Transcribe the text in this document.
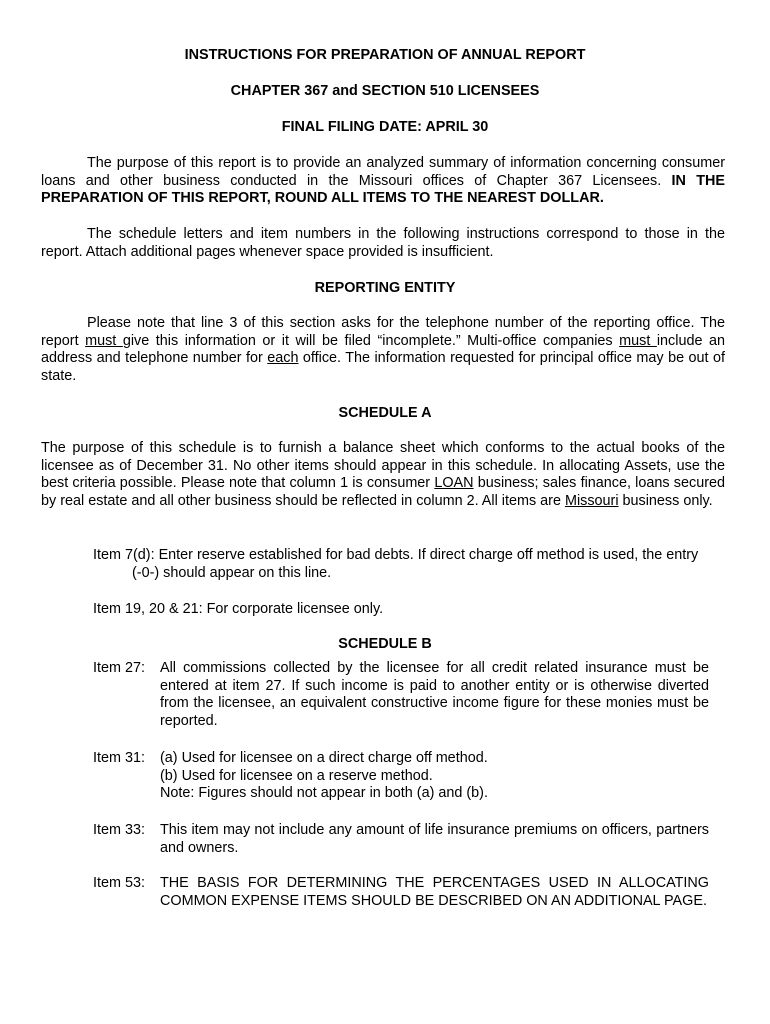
INSTRUCTIONS FOR PREPARATION OF ANNUAL REPORT

CHAPTER 367 and SECTION 510 LICENSEES

FINAL FILING DATE: APRIL 30

The purpose of this report is to provide an analyzed summary of information concerning consumer loans and other business conducted in the Missouri offices of Chapter 367 Licensees. IN THE PREPARATION OF THIS REPORT, ROUND ALL ITEMS TO THE NEAREST DOLLAR.

The schedule letters and item numbers in the following instructions correspond to those in the report. Attach additional pages whenever space provided is insufficient.

REPORTING ENTITY

Please note that line 3 of this section asks for the telephone number of the reporting office. The report must give this information or it will be filed “incomplete.” Multi-office companies must include an address and telephone number for each office. The information requested for principal office may be out of state.

SCHEDULE A

The purpose of this schedule is to furnish a balance sheet which conforms to the actual books of the licensee as of December 31. No other items should appear in this schedule. In allocating Assets, use the best criteria possible. Please note that column 1 is consumer LOAN business; sales finance, loans secured by real estate and all other business should be reflected in column 2. All items are Missouri business only.

Item 7(d): Enter reserve established for bad debts. If direct charge off method is used, the entry (-0-) should appear on this line.

Item 19, 20 & 21: For corporate licensee only.

SCHEDULE B

Item 27: All commissions collected by the licensee for all credit related insurance must be entered at item 27. If such income is paid to another entity or is otherwise diverted from the licensee, an equivalent constructive income figure for these monies must be reported.
Item 31: (a) Used for licensee on a direct charge off method.
(b) Used for licensee on a reserve method.
Note: Figures should not appear in both (a) and (b).
Item 33: This item may not include any amount of life insurance premiums on officers, partners and owners.
Item 53: THE BASIS FOR DETERMINING THE PERCENTAGES USED IN ALLOCATING COMMON EXPENSE ITEMS SHOULD BE DESCRIBED ON AN ADDITIONAL PAGE.
